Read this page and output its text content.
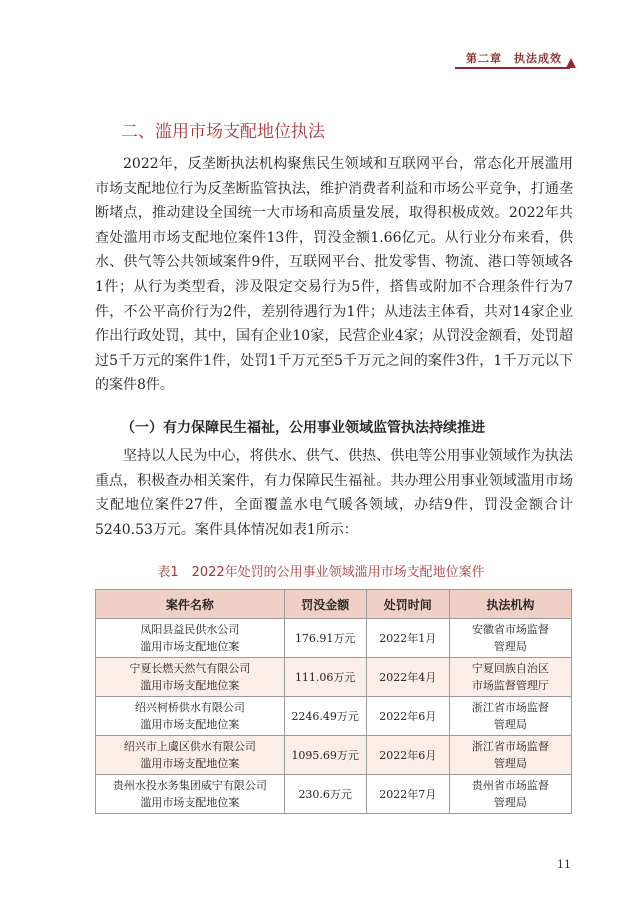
第二章　执法成效
二、滥用市场支配地位执法
2022年，反垄断执法机构聚焦民生领域和互联网平台，常态化开展滥用市场支配地位行为反垄断监管执法，维护消费者利益和市场公平竞争，打通垄断堵点，推动建设全国统一大市场和高质量发展，取得积极成效。2022年共查处滥用市场支配地位案件13件，罚没金额1.66亿元。从行业分布来看，供水、供气等公共领域案件9件，互联网平台、批发零售、物流、港口等领域各1件；从行为类型看，涉及限定交易行为5件，搭售或附加不合理条件行为7件，不公平高价行为2件，差别待遇行为1件；从违法主体看，共对14家企业作出行政处罚，其中，国有企业10家，民营企业4家；从罚没金额看，处罚超过5千万元的案件1件，处罚1千万元至5千万元之间的案件3件，1千万元以下的案件8件。
（一）有力保障民生福祉，公用事业领域监管执法持续推进
坚持以人民为中心，将供水、供气、供热、供电等公用事业领域作为执法重点，积极查办相关案件，有力保障民生福祉。共办理公用事业领域滥用市场支配地位案件27件，全面覆盖水电气暖各领域，办结9件，罚没金额合计5240.53万元。案件具体情况如表1所示：
表1　2022年处罚的公用事业领域滥用市场支配地位案件
案件名称	罚没金额	处罚时间	执法机构
凤阳县益民供水公司
滥用市场支配地位案	176.91万元	2022年1月	安徽省市场监督
管理局
宁夏长燃天然气有限公司
滥用市场支配地位案	111.06万元	2022年4月	宁夏回族自治区
市场监督管理厅
绍兴柯桥供水有限公司
滥用市场支配地位案	2246.49万元	2022年6月	浙江省市场监督
管理局
绍兴市上虞区供水有限公司
滥用市场支配地位案	1095.69万元	2022年6月	浙江省市场监督
管理局
贵州水投水务集团威宁有限公司
滥用市场支配地位案	230.6万元	2022年7月	贵州省市场监督
管理局
11
